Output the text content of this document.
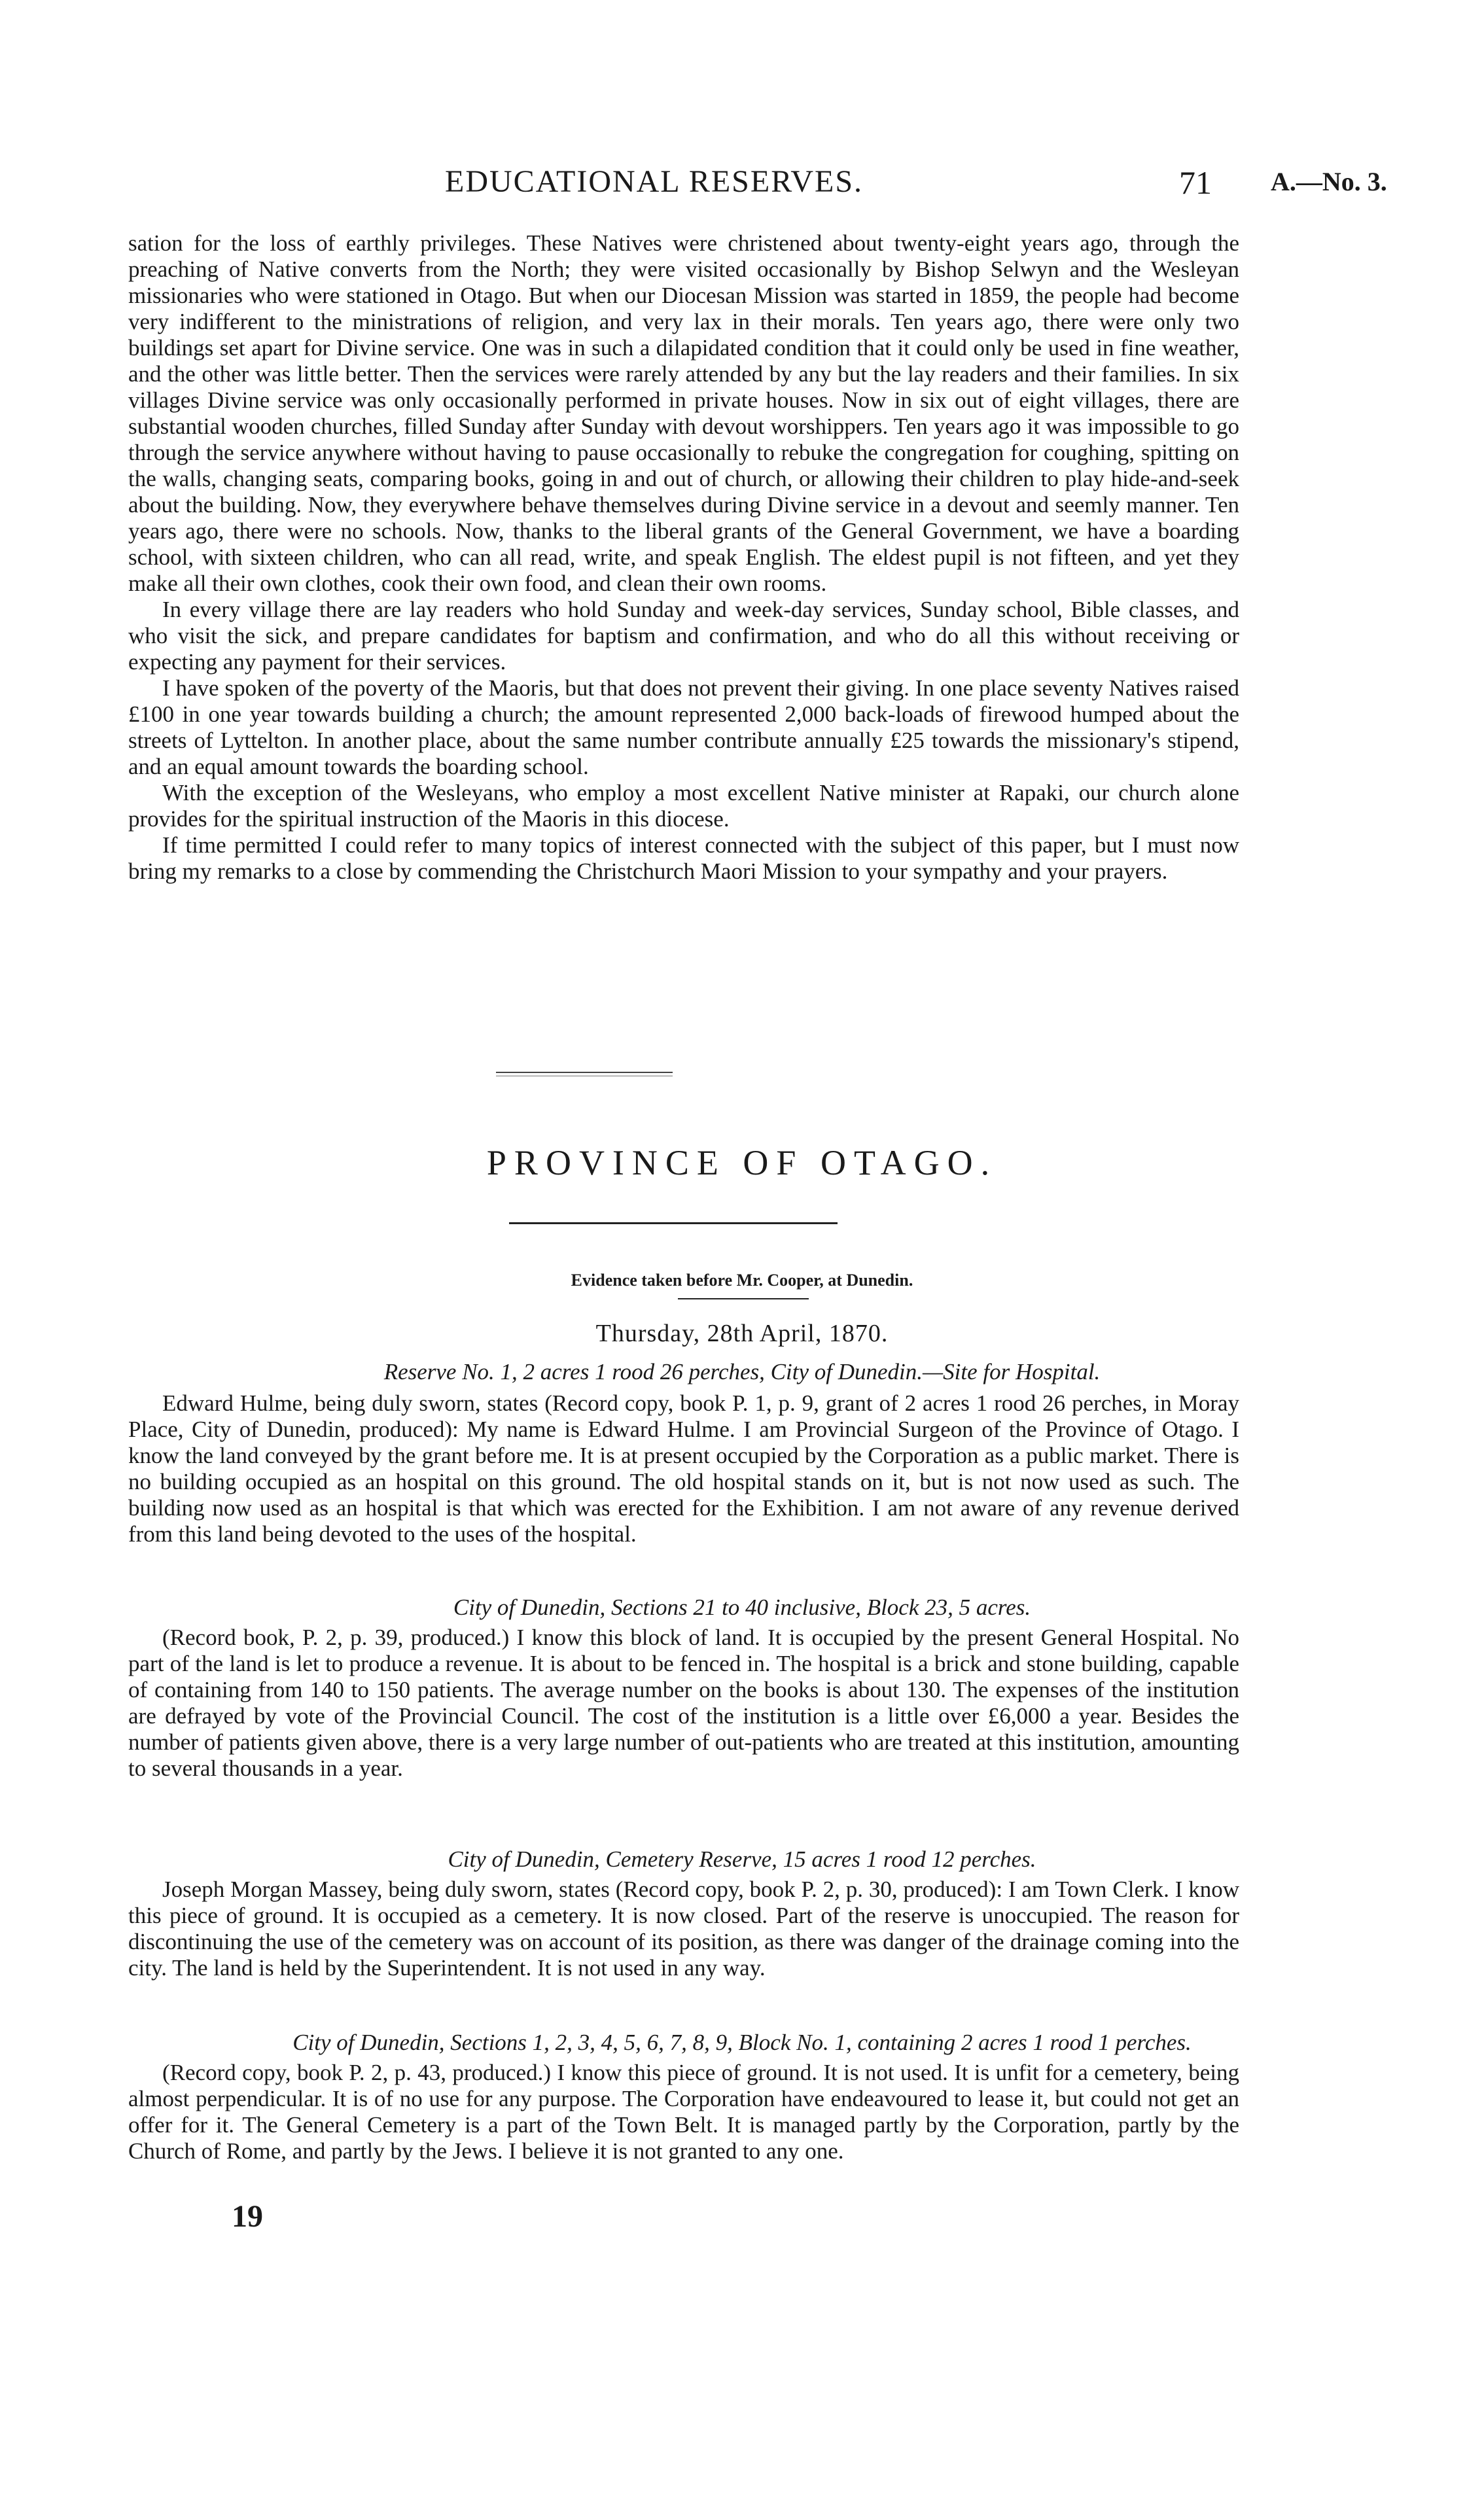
EDUCATIONAL RESERVES.	71 A.—No. 3.

sation for the loss of earthly privileges. These Natives were christened about twenty-eight years ago, through the preaching of Native converts from the North; they were visited occasionally by Bishop Selwyn and the Wesleyan missionaries who were stationed in Otago. But when our Diocesan Mission was started in 1859, the people had become very indifferent to the ministrations of religion, and very lax in their morals. Ten years ago, there were only two buildings set apart for Divine service. One was in such a dilapidated condition that it could only be used in fine weather, and the other was little better. Then the services were rarely attended by any but the lay readers and their families. In six villages Divine service was only occasionally performed in private houses. Now in six out of eight villages, there are substantial wooden churches, filled Sunday after Sunday with devout worshippers. Ten years ago it was impossible to go through the service anywhere without having to pause occasionally to rebuke the congregation for coughing, spitting on the walls, changing seats, comparing books, going in and out of church, or allowing their children to play hide-and-seek about the building. Now, they everywhere behave themselves during Divine service in a devout and seemly manner. Ten years ago, there were no schools. Now, thanks to the liberal grants of the General Government, we have a boarding school, with sixteen children, who can all read, write, and speak English. The eldest pupil is not fifteen, and yet they make all their own clothes, cook their own food, and clean their own rooms.

In every village there are lay readers who hold Sunday and week-day services, Sunday school, Bible classes, and who visit the sick, and prepare candidates for baptism and confirmation, and who do all this without receiving or expecting any payment for their services.

I have spoken of the poverty of the Maoris, but that does not prevent their giving. In one place seventy Natives raised £100 in one year towards building a church; the amount represented 2,000 back-loads of firewood humped about the streets of Lyttelton. In another place, about the same number contribute annually £25 towards the missionary's stipend, and an equal amount towards the boarding school.

With the exception of the Wesleyans, who employ a most excellent Native minister at Rapaki, our church alone provides for the spiritual instruction of the Maoris in this diocese.

If time permitted I could refer to many topics of interest connected with the subject of this paper, but I must now bring my remarks to a close by commending the Christchurch Maori Mission to your sympathy and your prayers.

PROVINCE OF OTAGO.
Evidence taken before Mr. Cooper, at Dunedin.
Thursday, 28th April, 1870.
Reserve No. 1, 2 acres 1 rood 26 perches, City of Dunedin.—Site for Hospital.

Edward Hulme, being duly sworn, states (Record copy, book P. 1, p. 9, grant of 2 acres 1 rood 26 perches, in Moray Place, City of Dunedin, produced): My name is Edward Hulme. I am Provincial Surgeon of the Province of Otago. I know the land conveyed by the grant before me. It is at present occupied by the Corporation as a public market. There is no building occupied as an hospital on this ground. The old hospital stands on it, but is not now used as such. The building now used as an hospital is that which was erected for the Exhibition. I am not aware of any revenue derived from this land being devoted to the uses of the hospital.

City of Dunedin, Sections 21 to 40 inclusive, Block 23, 5 acres.

(Record book, P. 2, p. 39, produced.) I know this block of land. It is occupied by the present General Hospital. No part of the land is let to produce a revenue. It is about to be fenced in. The hospital is a brick and stone building, capable of containing from 140 to 150 patients. The average number on the books is about 130. The expenses of the institution are defrayed by vote of the Provincial Council. The cost of the institution is a little over £6,000 a year. Besides the number of patients given above, there is a very large number of out-patients who are treated at this institution, amounting to several thousands in a year.

City of Dunedin, Cemetery Reserve, 15 acres 1 rood 12 perches.

Joseph Morgan Massey, being duly sworn, states (Record copy, book P. 2, p. 30, produced): I am Town Clerk. I know this piece of ground. It is occupied as a cemetery. It is now closed. Part of the reserve is unoccupied. The reason for discontinuing the use of the cemetery was on account of its position, as there was danger of the drainage coming into the city. The land is held by the Superintendent. It is not used in any way.

City of Dunedin, Sections 1, 2, 3, 4, 5, 6, 7, 8, 9, Block No. 1, containing 2 acres 1 rood 1 perches.

(Record copy, book P. 2, p. 43, produced.) I know this piece of ground. It is not used. It is unfit for a cemetery, being almost perpendicular. It is of no use for any purpose. The Corporation have endeavoured to lease it, but could not get an offer for it. The General Cemetery is a part of the Town Belt. It is managed partly by the Corporation, partly by the Church of Rome, and partly by the Jews. I believe it is not granted to any one.

19
